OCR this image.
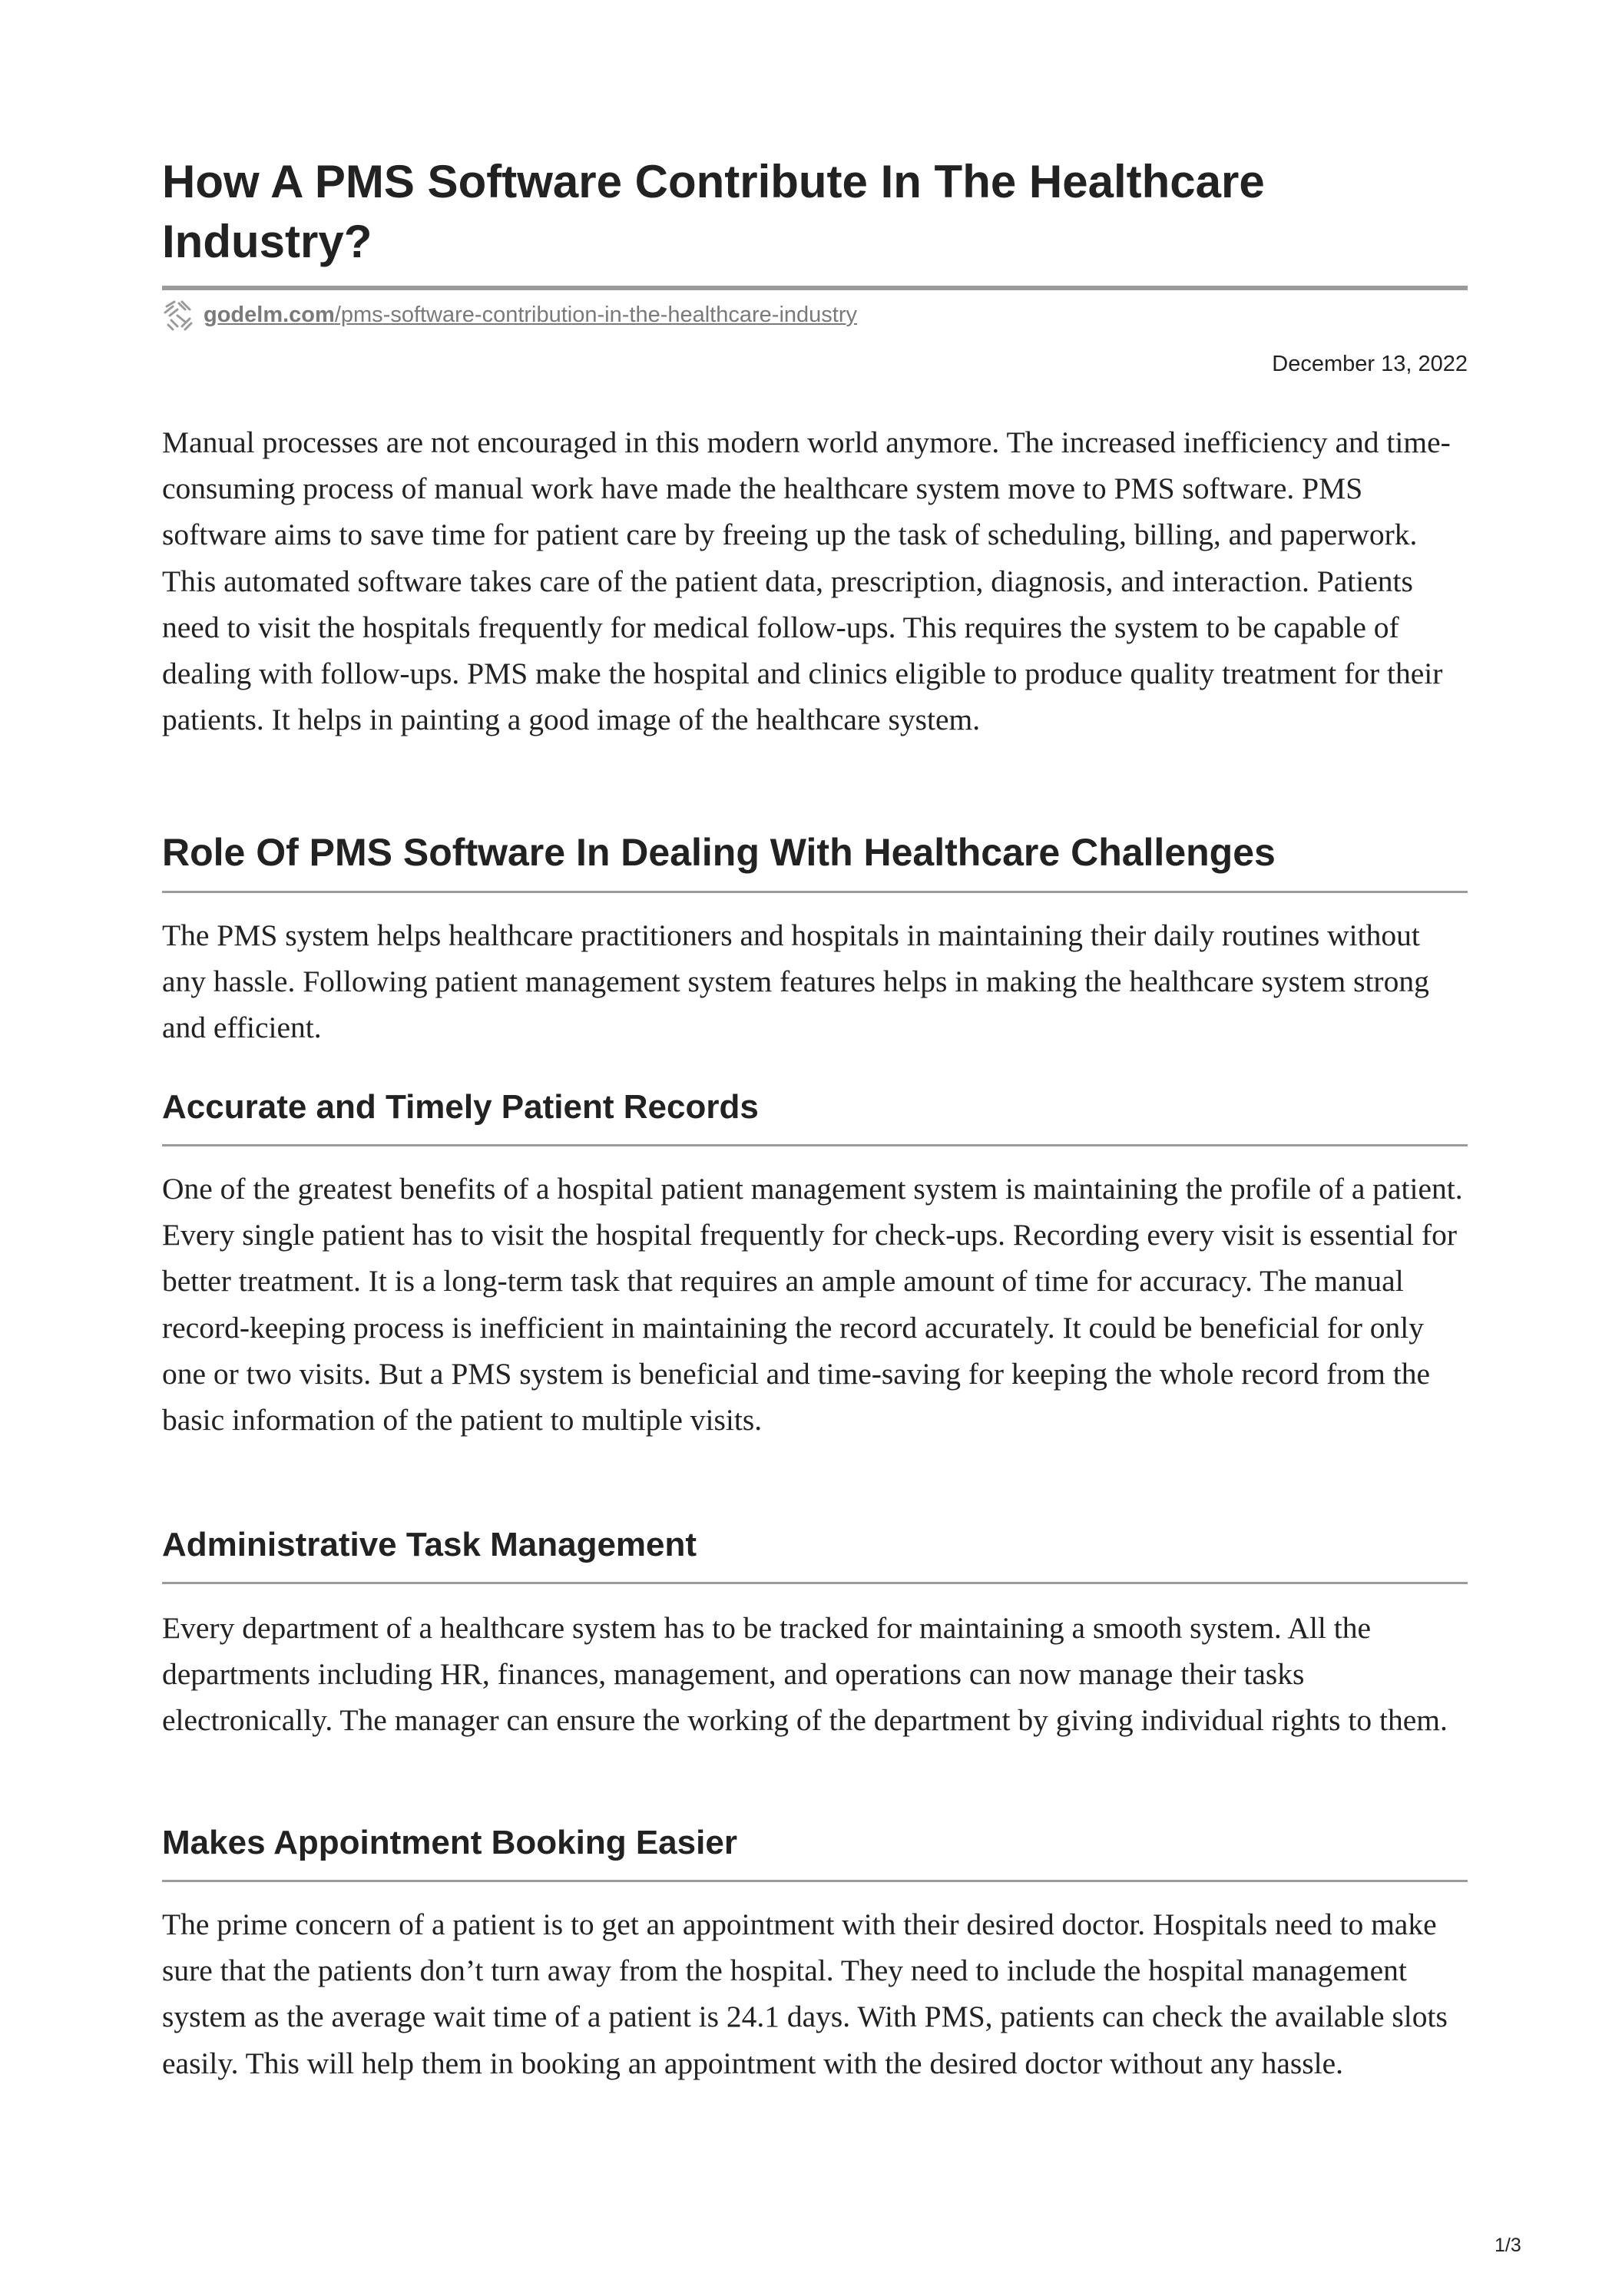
How A PMS Software Contribute In The Healthcare Industry?
godelm.com/pms-software-contribution-in-the-healthcare-industry
December 13, 2022

Manual processes are not encouraged in this modern world anymore. The increased inefficiency and time-consuming process of manual work have made the healthcare system move to PMS software. PMS software aims to save time for patient care by freeing up the task of scheduling, billing, and paperwork. This automated software takes care of the patient data, prescription, diagnosis, and interaction. Patients need to visit the hospitals frequently for medical follow-ups. This requires the system to be capable of dealing with follow-ups. PMS make the hospital and clinics eligible to produce quality treatment for their patients. It helps in painting a good image of the healthcare system.

Role Of PMS Software In Dealing With Healthcare Challenges

The PMS system helps healthcare practitioners and hospitals in maintaining their daily routines without any hassle. Following patient management system features helps in making the healthcare system strong and efficient.

Accurate and Timely Patient Records

One of the greatest benefits of a hospital patient management system is maintaining the profile of a patient. Every single patient has to visit the hospital frequently for check-ups. Recording every visit is essential for better treatment. It is a long-term task that requires an ample amount of time for accuracy. The manual record-keeping process is inefficient in maintaining the record accurately. It could be beneficial for only one or two visits. But a PMS system is beneficial and time-saving for keeping the whole record from the basic information of the patient to multiple visits.

Administrative Task Management

Every department of a healthcare system has to be tracked for maintaining a smooth system. All the departments including HR, finances, management, and operations can now manage their tasks electronically. The manager can ensure the working of the department by giving individual rights to them.

Makes Appointment Booking Easier

The prime concern of a patient is to get an appointment with their desired doctor. Hospitals need to make sure that the patients don’t turn away from the hospital. They need to include the hospital management system as the average wait time of a patient is 24.1 days. With PMS, patients can check the available slots easily. This will help them in booking an appointment with the desired doctor without any hassle.

1/3
